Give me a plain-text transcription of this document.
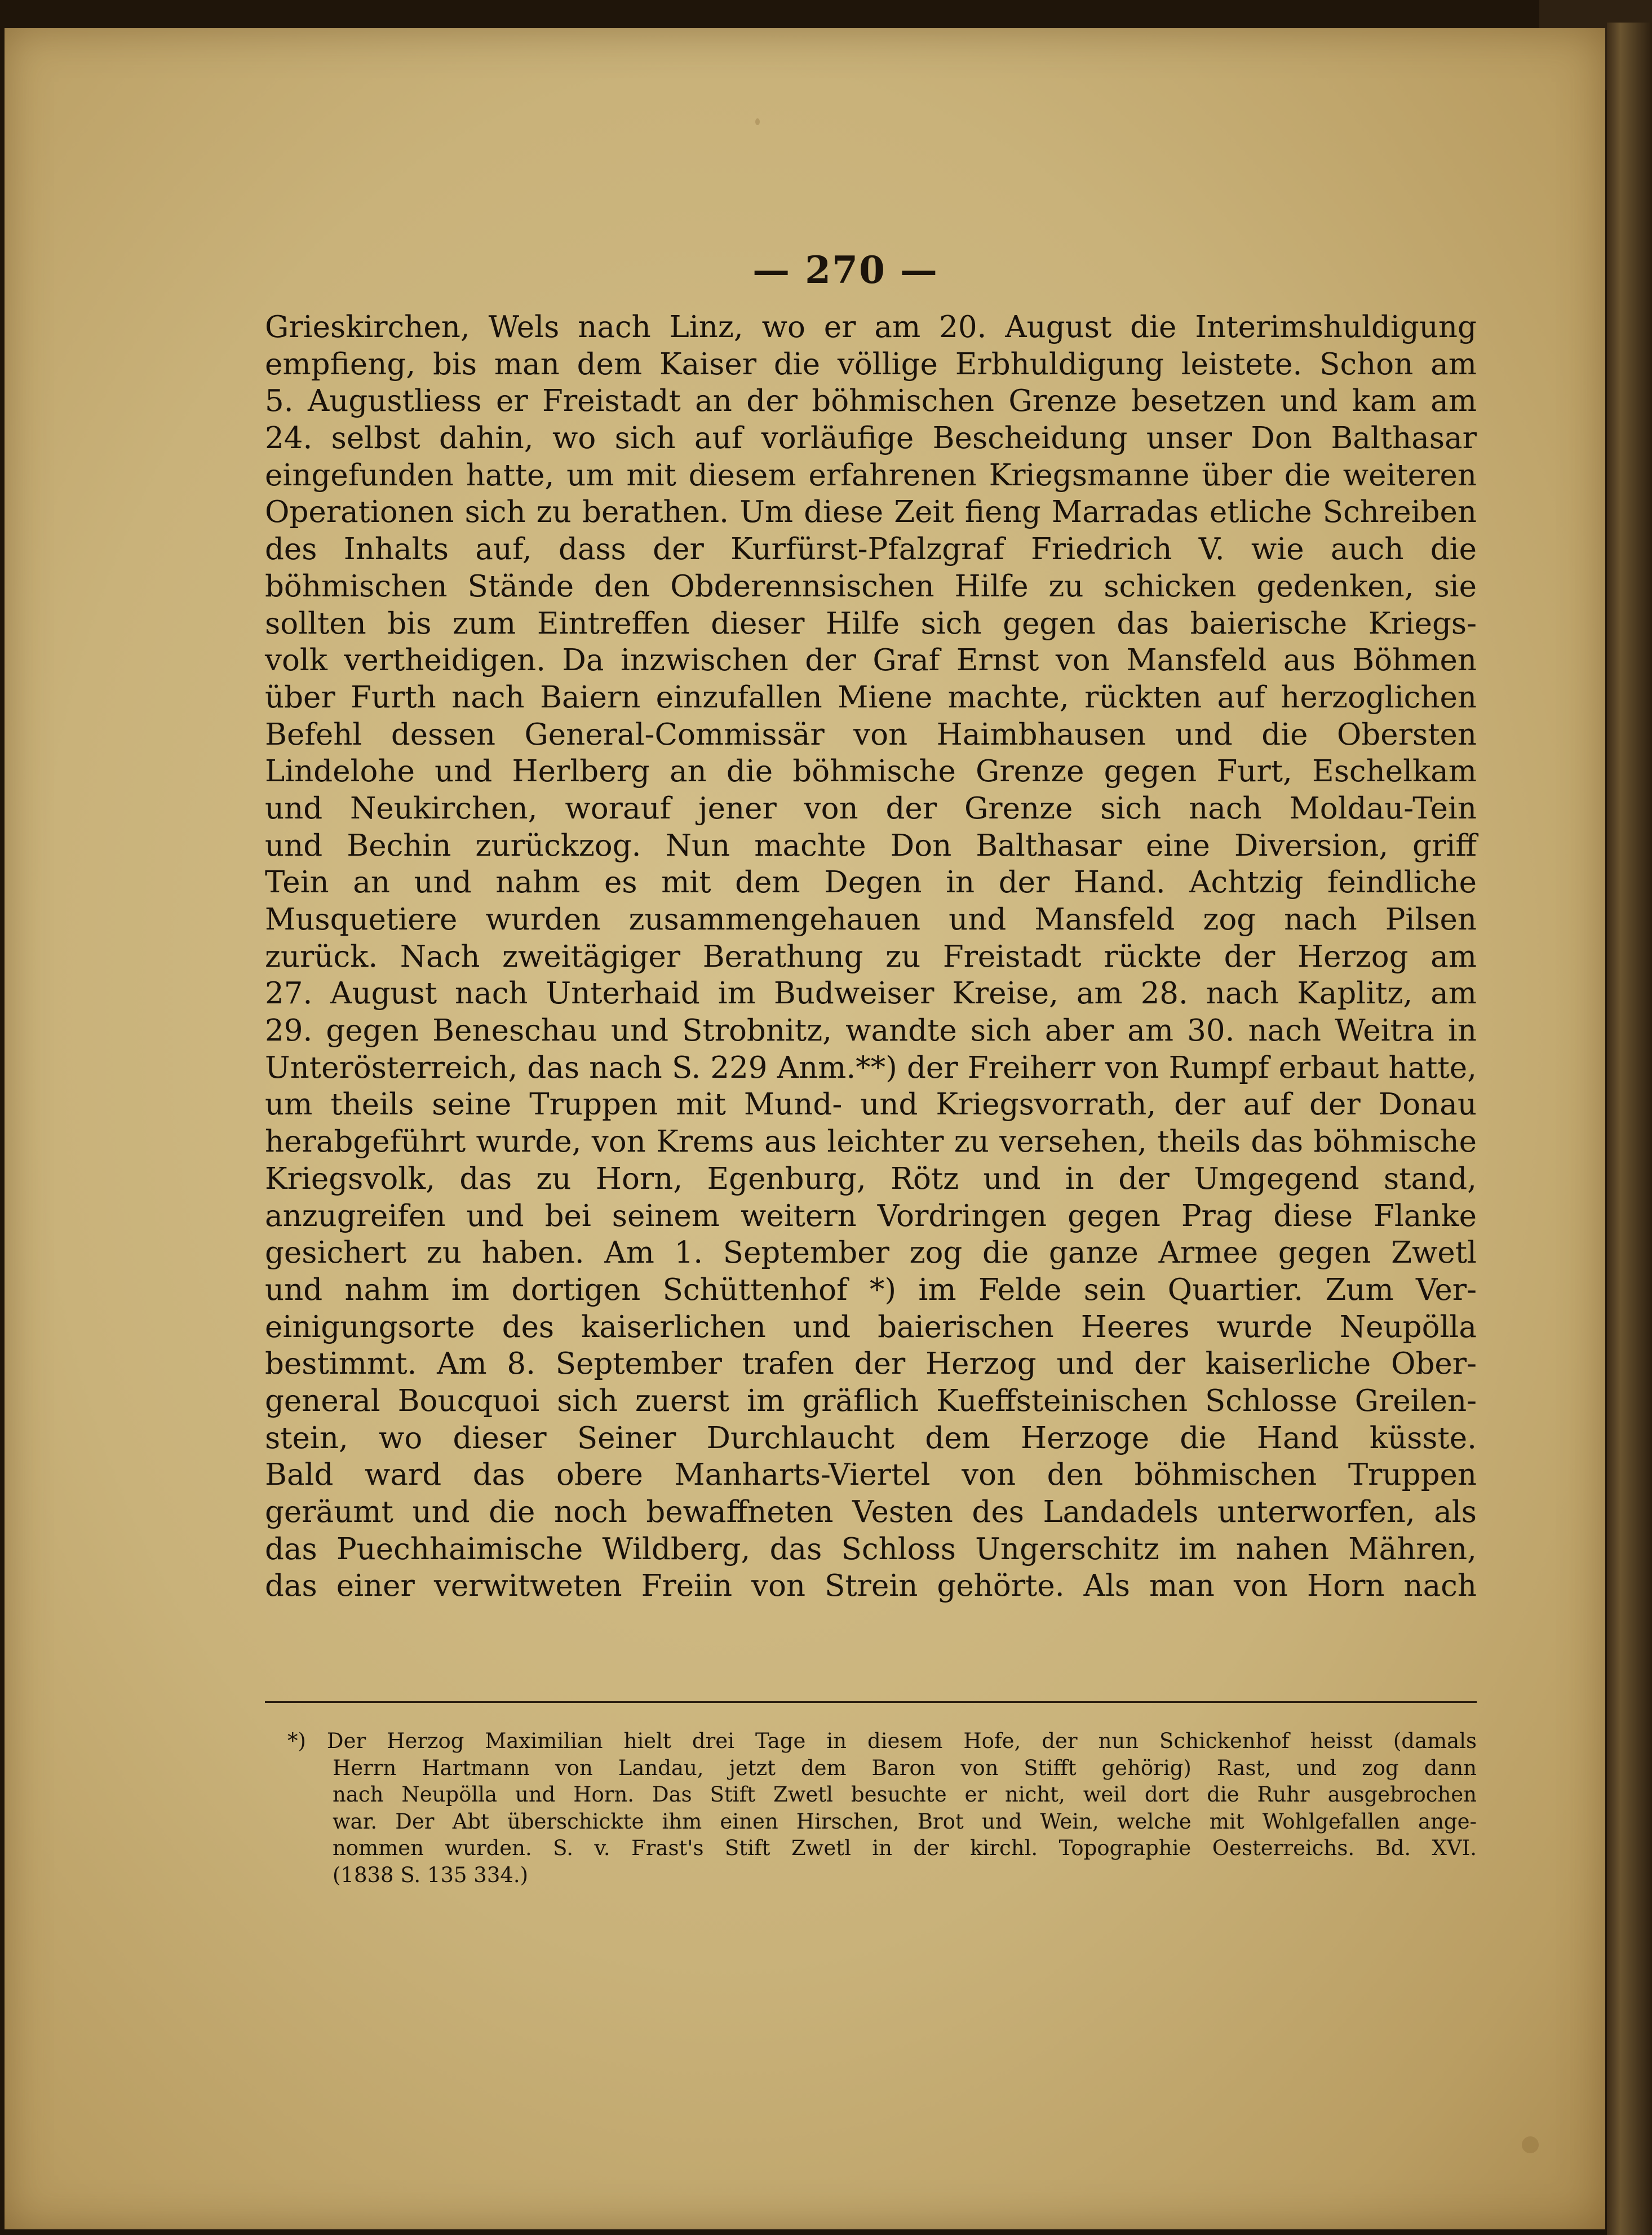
— 270 —
Grieskirchen, Wels nach Linz, wo er am 20. August die Interimshuldigung
empfieng, bis man dem Kaiser die völlige Erbhuldigung leistete. Schon am
5. Augustliess er Freistadt an der böhmischen Grenze besetzen und kam am
24. selbst dahin, wo sich auf vorläufige Bescheidung unser Don Balthasar
eingefunden hatte, um mit diesem erfahrenen Kriegsmanne über die weiteren
Operationen sich zu berathen. Um diese Zeit fieng Marradas etliche Schreiben
des Inhalts auf, dass der Kurfürst-Pfalzgraf Friedrich V. wie auch die
böhmischen Stände den Obderennsischen Hilfe zu schicken gedenken, sie
sollten bis zum Eintreffen dieser Hilfe sich gegen das baierische Kriegs-
volk vertheidigen. Da inzwischen der Graf Ernst von Mansfeld aus Böhmen
über Furth nach Baiern einzufallen Miene machte, rückten auf herzoglichen
Befehl dessen General-Commissär von Haimbhausen und die Obersten
Lindelohe und Herlberg an die böhmische Grenze gegen Furt, Eschelkam
und Neukirchen, worauf jener von der Grenze sich nach Moldau-Tein
und Bechin zurückzog. Nun machte Don Balthasar eine Diversion, griff
Tein an und nahm es mit dem Degen in der Hand. Achtzig feindliche
Musquetiere wurden zusammengehauen und Mansfeld zog nach Pilsen
zurück. Nach zweitägiger Berathung zu Freistadt rückte der Herzog am
27. August nach Unterhaid im Budweiser Kreise, am 28. nach Kaplitz, am
29. gegen Beneschau und Strobnitz, wandte sich aber am 30. nach Weitra in
Unterösterreich, das nach S. 229 Anm.**) der Freiherr von Rumpf erbaut hatte,
um theils seine Truppen mit Mund- und Kriegsvorrath, der auf der Donau
herabgeführt wurde, von Krems aus leichter zu versehen, theils das böhmische
Kriegsvolk, das zu Horn, Egenburg, Rötz und in der Umgegend stand,
anzugreifen und bei seinem weitern Vordringen gegen Prag diese Flanke
gesichert zu haben. Am 1. September zog die ganze Armee gegen Zwetl
und nahm im dortigen Schüttenhof *) im Felde sein Quartier. Zum Ver-
einigungsorte des kaiserlichen und baierischen Heeres wurde Neupölla
bestimmt. Am 8. September trafen der Herzog und der kaiserliche Ober-
general Boucquoi sich zuerst im gräflich Kueffsteinischen Schlosse Greilen-
stein, wo dieser Seiner Durchlaucht dem Herzoge die Hand küsste.
Bald ward das obere Manharts-Viertel von den böhmischen Truppen
geräumt und die noch bewaffneten Vesten des Landadels unterworfen, als
das Puechhaimische Wildberg, das Schloss Ungerschitz im nahen Mähren,
das einer verwitweten Freiin von Strein gehörte. Als man von Horn nach
*) Der Herzog Maximilian hielt drei Tage in diesem Hofe, der nun Schickenhof heisst (damals
Herrn Hartmann von Landau, jetzt dem Baron von Stifft gehörig) Rast, und zog dann
nach Neupölla und Horn. Das Stift Zwetl besuchte er nicht, weil dort die Ruhr ausgebrochen
war. Der Abt überschickte ihm einen Hirschen, Brot und Wein, welche mit Wohlgefallen ange-
nommen wurden. S. v. Frast's Stift Zwetl in der kirchl. Topographie Oesterreichs. Bd. XVI.
(1838 S. 135 334.)
